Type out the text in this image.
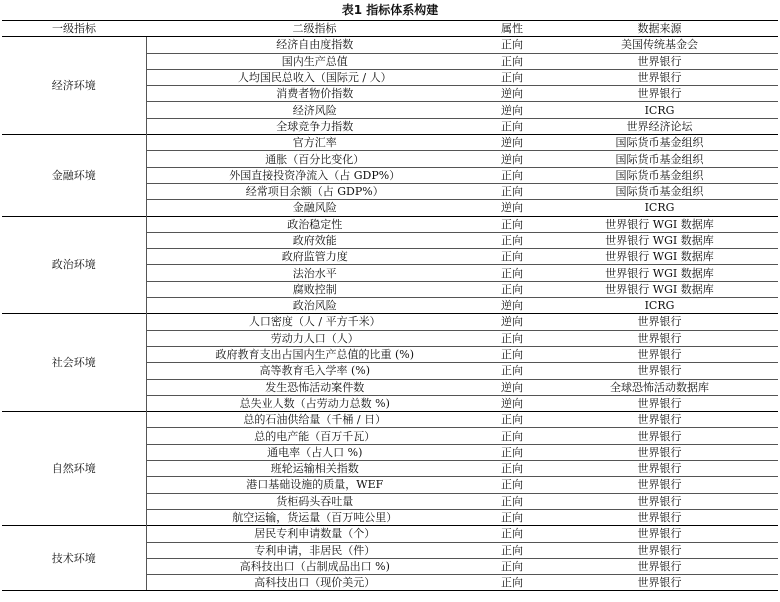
表1 指标体系构建
一级指标	二级指标	属性	数据来源
经济环境	经济自由度指数	正向	美国传统基金会
	国内生产总值	正向	世界银行
	人均国民总收入（国际元 / 人）	正向	世界银行
	消费者物价指数	逆向	世界银行
	经济风险	逆向	ICRG
	全球竞争力指数	正向	世界经济论坛
金融环境	官方汇率	逆向	国际货币基金组织
	通胀（百分比变化）	逆向	国际货币基金组织
	外国直接投资净流入（占 GDP%）	正向	国际货币基金组织
	经常项目余额（占 GDP%）	正向	国际货币基金组织
	金融风险	逆向	ICRG
政治环境	政治稳定性	正向	世界银行 WGI 数据库
	政府效能	正向	世界银行 WGI 数据库
	政府监管力度	正向	世界银行 WGI 数据库
	法治水平	正向	世界银行 WGI 数据库
	腐败控制	正向	世界银行 WGI 数据库
	政治风险	逆向	ICRG
社会环境	人口密度（人 / 平方千米）	逆向	世界银行
	劳动力人口（人）	正向	世界银行
	政府教育支出占国内生产总值的比重 (%)	正向	世界银行
	高等教育毛入学率 (%)	正向	世界银行
	发生恐怖活动案件数	逆向	全球恐怖活动数据库
	总失业人数（占劳动力总数 %)	逆向	世界银行
自然环境	总的石油供给量（千桶 / 日）	正向	世界银行
	总的电产能（百万千瓦）	正向	世界银行
	通电率（占人口 %)	正向	世界银行
	班轮运输相关指数	正向	世界银行
	港口基础设施的质量，WEF	正向	世界银行
	货柜码头吞吐量	正向	世界银行
	航空运输，货运量（百万吨公里）	正向	世界银行
技术环境	居民专利申请数量（个）	正向	世界银行
	专利申请，非居民（件）	正向	世界银行
	高科技出口（占制成品出口 %)	正向	世界银行
	高科技出口（现价美元）	正向	世界银行
